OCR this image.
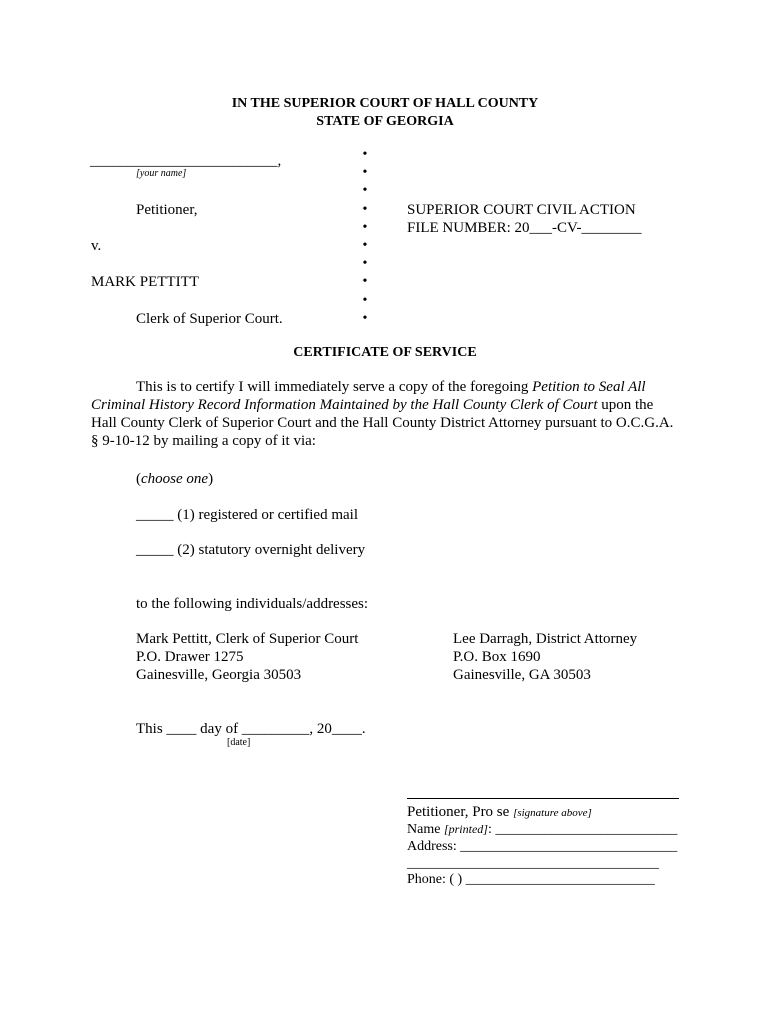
IN THE SUPERIOR COURT OF HALL COUNTY
STATE OF GEORGIA
_________________________,
[your name]
Petitioner,
v.
MARK PETTITT
Clerk of Superior Court.
•
•
•
•
•
•
•
•
•
•
SUPERIOR COURT CIVIL ACTION
FILE NUMBER: 20___-CV-________
CERTIFICATE OF SERVICE
This is to certify I will immediately serve a copy of the foregoing Petition to Seal All Criminal History Record Information Maintained by the Hall County Clerk of Court upon the Hall County Clerk of Superior Court and the Hall County District Attorney pursuant to O.C.G.A. § 9-10-12 by mailing a copy of it via:
(choose one)
_____ (1) registered or certified mail
_____ (2) statutory overnight delivery
to the following individuals/addresses:
Mark Pettitt, Clerk of Superior Court
P.O. Drawer 1275
Gainesville, Georgia 30503
Lee Darragh, District Attorney
P.O. Box 1690
Gainesville, GA 30503
This ____ day of _________, 20____.
[date]
Petitioner, Pro se [signature above]
Name [printed]: __________________________
Address: _______________________________
____________________________________
Phone: ( ) ___________________________
